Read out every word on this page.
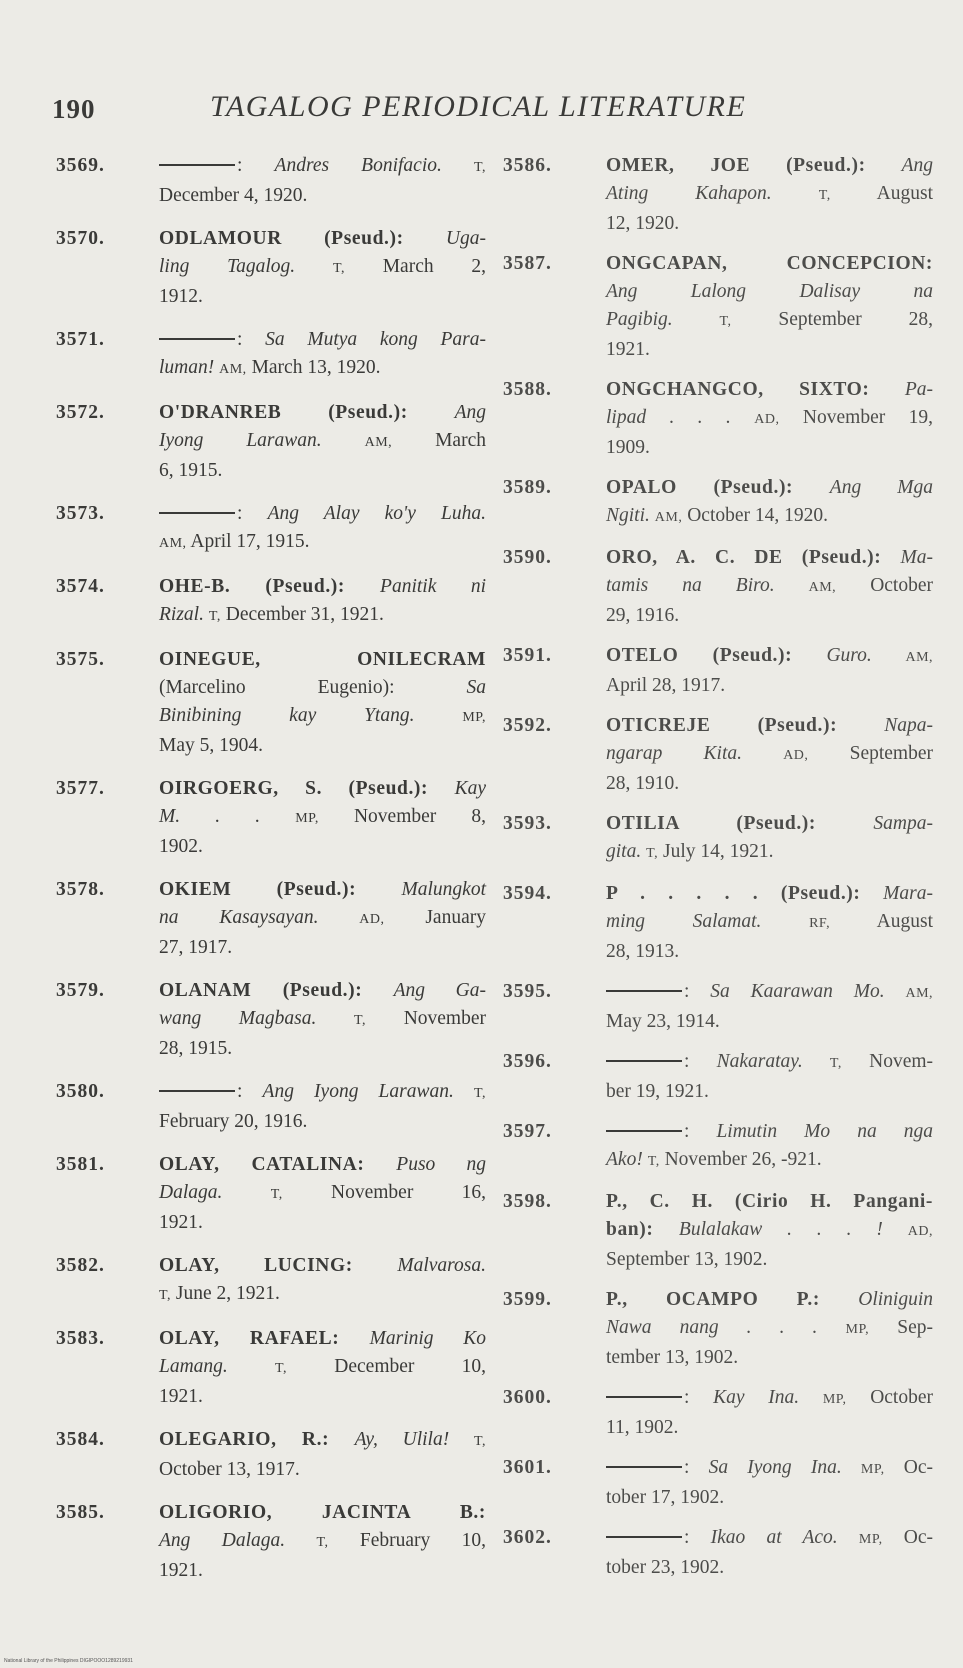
190	TAGALOG PERIODICAL LITERATURE

3569 .	: Andres Bonifacio. T,
December 4, 1920.

3570 .	ODLAMOUR (Pseud.): Uga-
ling Tagalog.	T, March 2,
1912.

3571 .	: Sa Mutya kong Para-
luman! AM, March 13, 1920.

3572 .	O'DRANREB (Pseud.): Ang
Iyong Larawan.	AM, March
6, 1915.

3573 .	: Ang Alay ko'y Luha.
AM, April 17, 1915.

3574 .	OHE-B. (Pseud.): Panitik ni
Rizal. T, December 31, 1921.

3575 .	OINEGUE, ONILECRAM
(Marcelino Eugenio): Sa
Binibining kay Ytang.	MP,
May 5, 1904.

3577 .	OIRGOERG, S. (Pseud.): Kay
M. . .	MP, November 8,
1902.

3578 .	OKIEM (Pseud.): Malungkot
na Kasaysayan.	AD, January
27, 1917.

3579 .	OLANAM (Pseud.): Ang Ga-
wang Magbasa.	T, November
28, 1915.

3580 .	: Ang Iyong Larawan. T,
February 20, 1916.

3581 .	OLAY, CATALINA: Puso ng
Dalaga.	T, November 16,
1921.

3582 .	OLAY, LUCING: Malvarosa.
T, June 2, 1921.

3583 .	OLAY, RAFAEL: Marinig Ko
Lamang.	T, December 10,
1921.

3584 .	OLEGARIO, R.: Ay, Ulila! T,
October 13, 1917.

3585 .	OLIGORIO, JACINTA B.:
Ang Dalaga. T, February 10,
1921.

3586 .	OMER, JOE (Pseud.): Ang
Ating Kahapon.	T, August
12, 1920.

3587 .	ONGCAPAN, CONCEPCION:
Ang Lalong Dalisay na
Pagibig.	T, September 28,
1921.

3588 .	ONGCHANGCO, SIXTO: Pa-
lipad . . . AD, November 19,
1909.

3589 .	OPALO (Pseud.): Ang Mga
Ngiti. AM, October 14, 1920.

3590 .	ORO, A. C. DE (Pseud.): Ma-
tamis na Biro. AM, October
29, 1916.

3591 .	OTELO (Pseud.): Guro. AM,
April 28, 1917.

3592 .	OTICREJE (Pseud.): Napa-
ngarap Kita.	AD, September
28, 1910.

3593 .	OTILIA (Pseud.): Sampa-
gita. T, July 14, 1921.

3594 .	P . . . . . (Pseud.): Mara-
ming Salamat.	RF, August
28, 1913.

3595 .	: Sa Kaarawan Mo. AM,
May 23, 1914.

3596 .	: Nakaratay. T, Novem-
ber 19, 1921.

3597 .	: Limutin Mo na nga
Ako! T, November 26, -921.

3598 .	P., C. H. (Cirio H. Pangani-
ban): Bulalakaw . . . ! AD,
September 13, 1902.

3599 .	P., OCAMPO P.: Oliniguin
Nawa nang . . . MP, Sep-
tember 13, 1902.

3600 .	: Kay Ina. MP, October
11, 1902.

3601 .	: Sa Iyong Ina. MP, Oc-
tober 17, 1902.

3602 .	: Ikao at Aco. MP, Oc-
tober 23, 1902.

National Library of the Philippines DIGIPOOO1289219931
